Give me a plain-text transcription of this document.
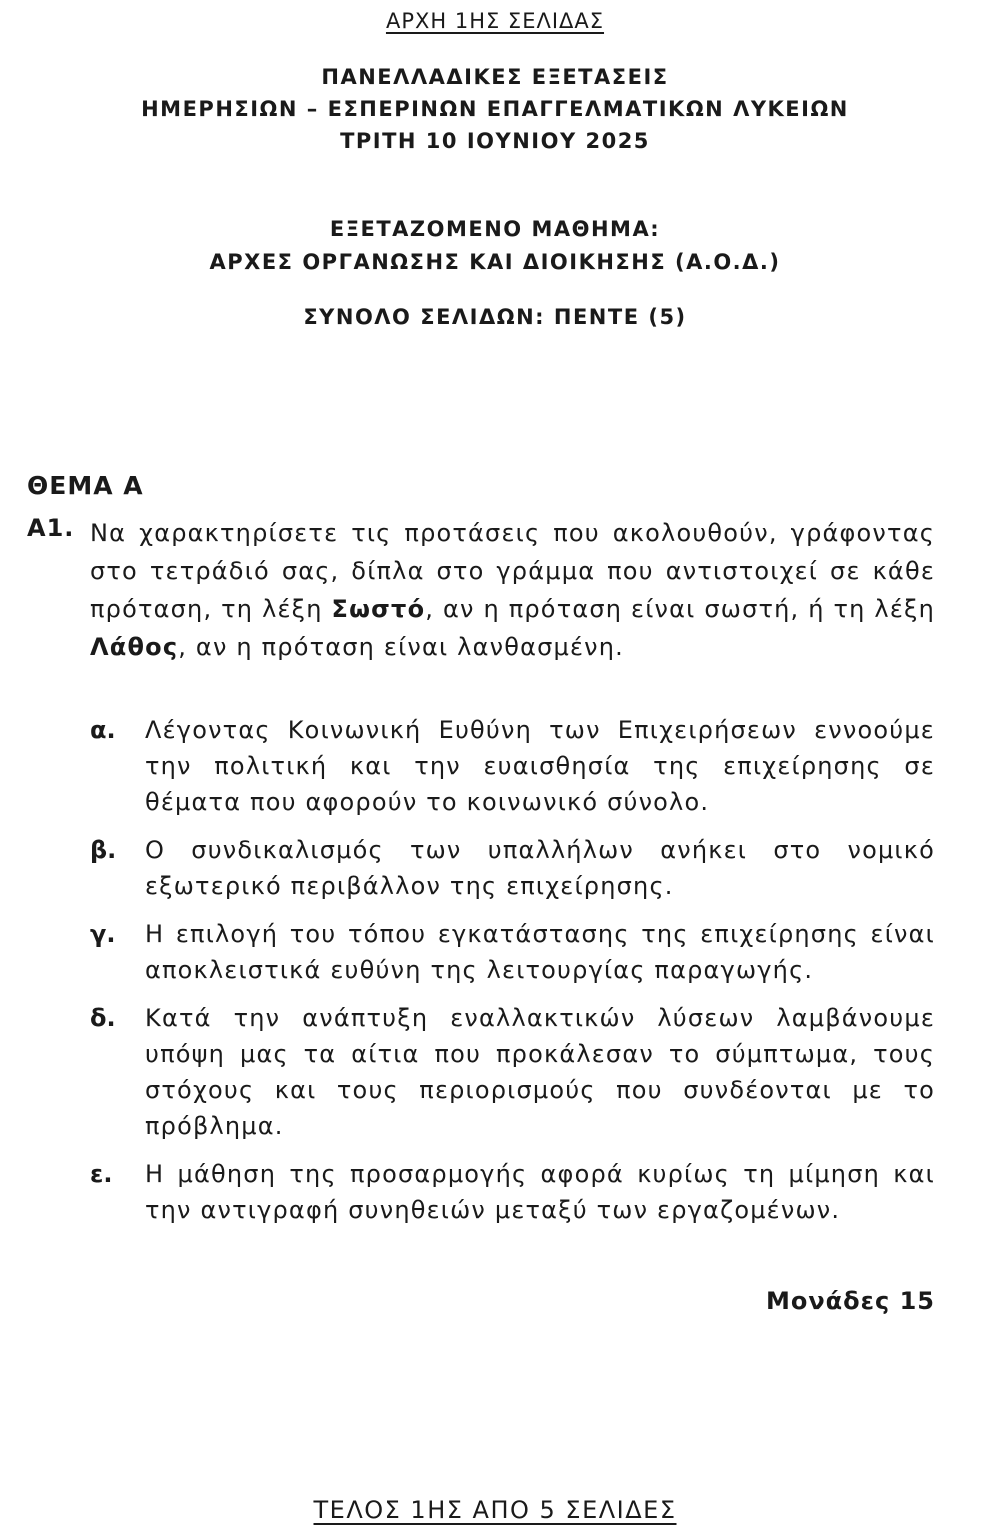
ΑΡΧΗ 1ΗΣ ΣΕΛΙΔΑΣ
ΠΑΝΕΛΛΑΔΙΚΕΣ ΕΞΕΤΑΣΕΙΣ
ΗΜΕΡΗΣΙΩΝ – ΕΣΠΕΡΙΝΩΝ ΕΠΑΓΓΕΛΜΑΤΙΚΩΝ ΛΥΚΕΙΩΝ
ΤΡΙΤΗ 10 ΙΟΥΝΙΟΥ 2025
ΕΞΕΤΑΖΟΜΕΝΟ ΜΑΘΗΜΑ:
ΑΡΧΕΣ ΟΡΓΑΝΩΣΗΣ ΚΑΙ ΔΙΟΙΚΗΣΗΣ (Α.Ο.Δ.)
ΣΥΝΟΛΟ ΣΕΛΙΔΩΝ: ΠΕΝΤΕ (5)
ΘΕΜΑ Α
Α1. Να χαρακτηρίσετε τις προτάσεις που ακολουθούν, γράφοντας στο τετράδιό σας, δίπλα στο γράμμα που αντιστοιχεί σε κάθε πρόταση, τη λέξη Σωστό, αν η πρόταση είναι σωστή, ή τη λέξη Λάθος, αν η πρόταση είναι λανθασμένη.
α. Λέγοντας Κοινωνική Ευθύνη των Επιχειρήσεων εννοούμε την πολιτική και την ευαισθησία της επιχείρησης σε θέματα που αφορούν το κοινωνικό σύνολο.
β. Ο συνδικαλισμός των υπαλλήλων ανήκει στο νομικό εξωτερικό περιβάλλον της επιχείρησης.
γ. Η επιλογή του τόπου εγκατάστασης της επιχείρησης είναι αποκλειστικά ευθύνη της λειτουργίας παραγωγής.
δ. Κατά την ανάπτυξη εναλλακτικών λύσεων λαμβάνουμε υπόψη μας τα αίτια που προκάλεσαν το σύμπτωμα, τους στόχους και τους περιορισμούς που συνδέονται με το πρόβλημα.
ε. Η μάθηση της προσαρμογής αφορά κυρίως τη μίμηση και την αντιγραφή συνηθειών μεταξύ των εργαζομένων.
Μονάδες 15
ΤΕΛΟΣ 1ΗΣ ΑΠΟ 5 ΣΕΛΙΔΕΣ
